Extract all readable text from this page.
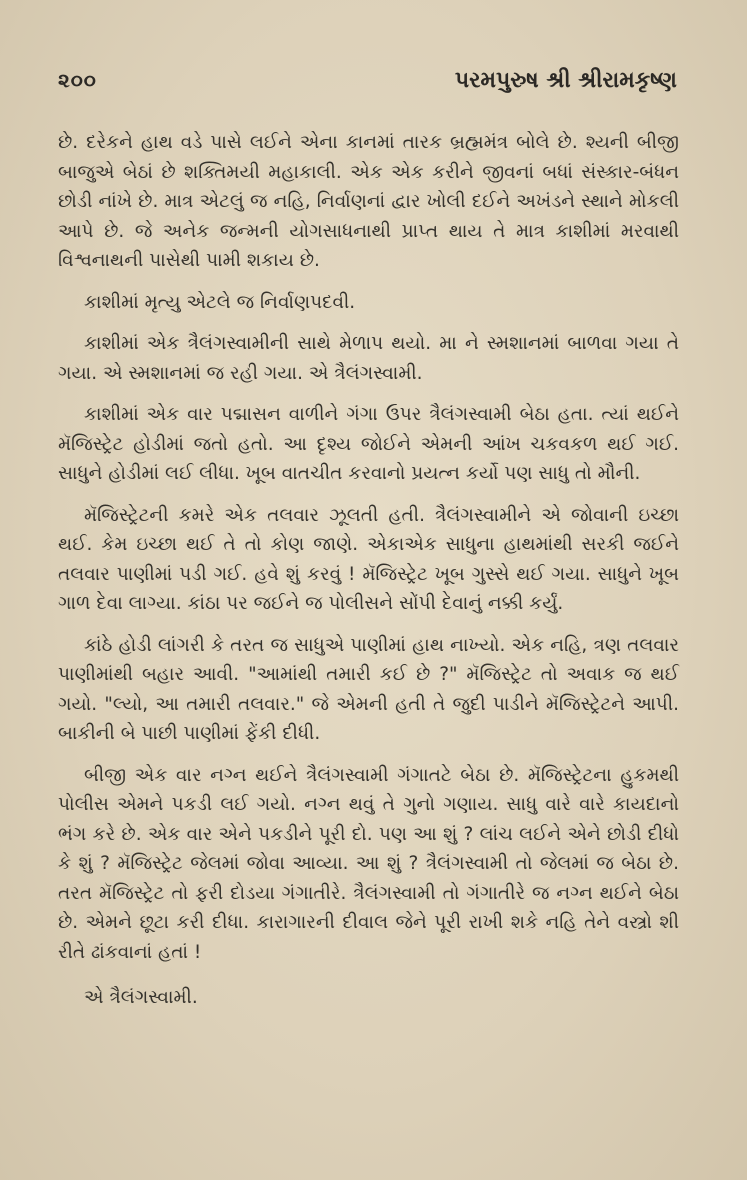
૨૦૦	પરમપુરુષ શ્રી શ્રીરામકૃષ્ણ

છે. દરેકને હાથ વડે પાસે લઈને એના કાનમાં તારક બ્રહ્મમંત્ર બોલે છે. શ્યની બીજી બાજુએ બેઠાં છે શક્તિમયી મહાકાલી. એક એક કરીને જીવનાં બધાં સંસ્કાર-બંધન છોડી નાંખે છે. માત્ર એટલું જ નહિ, નિર્વાણનાં દ્વાર ખોલી દઈને અખંડને સ્થાને મોકલી આપે છે. જે અનેક જન્મની યોગસાધનાથી પ્રાપ્ત થાય તે માત્ર કાશીમાં મરવાથી વિશ્વનાથની પાસેથી પામી શકાય છે.

કાશીમાં મૃત્યુ એટલે જ નિર્વાણપદવી.

કાશીમાં એક ત્રૈલંગસ્વામીની સાથે મેળાપ થયો. મા ને સ્મશાનમાં બાળવા ગયા તે ગયા. એ સ્મશાનમાં જ રહી ગયા. એ ત્રૈલંગસ્વામી.

કાશીમાં એક વાર પદ્માસન વાળીને ગંગા ઉપર ત્રૈલંગસ્વામી બેઠા હતા. ત્યાં થઈને મૅજિસ્ટ્રેટ હોડીમાં જતો હતો. આ દૃશ્ય જોઈને એમની આંખ ચકવકળ થઈ ગઈ. સાધુને હોડીમાં લઈ લીધા. ખૂબ વાતચીત કરવાનો પ્રયત્ન કર્યો પણ સાધુ તો મૌની.

મૅજિસ્ટ્રેટની કમરે એક તલવાર ઝૂલતી હતી. ત્રૈલંગસ્વામીને એ જોવાની ઇચ્છા થઈ. કેમ ઇચ્છા થઈ તે તો કોણ જાણે. એકાએક સાધુના હાથમાંથી સરકી જઈને તલવાર પાણીમાં પડી ગઈ. હવે શું કરવું ! મૅજિસ્ટ્રેટ ખૂબ ગુસ્સે થઈ ગયા. સાધુને ખૂબ ગાળ દેવા લાગ્યા. કાંઠા પર જઈને જ પોલીસને સોંપી દેવાનું નક્કી કર્યું.

કાંઠે હોડી લાંગરી કે તરત જ સાધુએ પાણીમાં હાથ નાખ્યો. એક નહિ, ત્રણ તલવાર પાણીમાંથી બહાર આવી. "આમાંથી તમારી કઈ છે ?" મૅજિસ્ટ્રેટ તો અવાક જ થઈ ગયો. "લ્યો, આ તમારી તલવાર." જે એમની હતી તે જુદી પાડીને મૅજિસ્ટ્રેટને આપી. બાકીની બે પાછી પાણીમાં ફેંકી દીધી.

બીજી એક વાર નગ્ન થઈને ત્રૈલંગસ્વામી ગંગાતટે બેઠા છે. મૅજિસ્ટ્રેટના હુકમથી પોલીસ એમને પકડી લઈ ગયો. નગ્ન થવું તે ગુનો ગણાય. સાધુ વારે વારે કાયદાનો ભંગ કરે છે. એક વાર એને પકડીને પૂરી દો. પણ આ શું ? લાંચ લઈને એને છોડી દીધો કે શું ? મૅજિસ્ટ્રેટ જેલમાં જોવા આવ્યા. આ શું ? ત્રૈલંગસ્વામી તો જેલમાં જ બેઠા છે. તરત મૅજિસ્ટ્રેટ તો ફરી દોડયા ગંગાતીરે. ત્રૈલંગસ્વામી તો ગંગાતીરે જ નગ્ન થઈને બેઠા છે. એમને છૂટા કરી દીધા. કારાગારની દીવાલ જેને પૂરી રાખી શકે નહિ તેને વસ્ત્રો શી રીતે ઢાંકવાનાં હતાં !

એ ત્રૈલંગસ્વામી.
